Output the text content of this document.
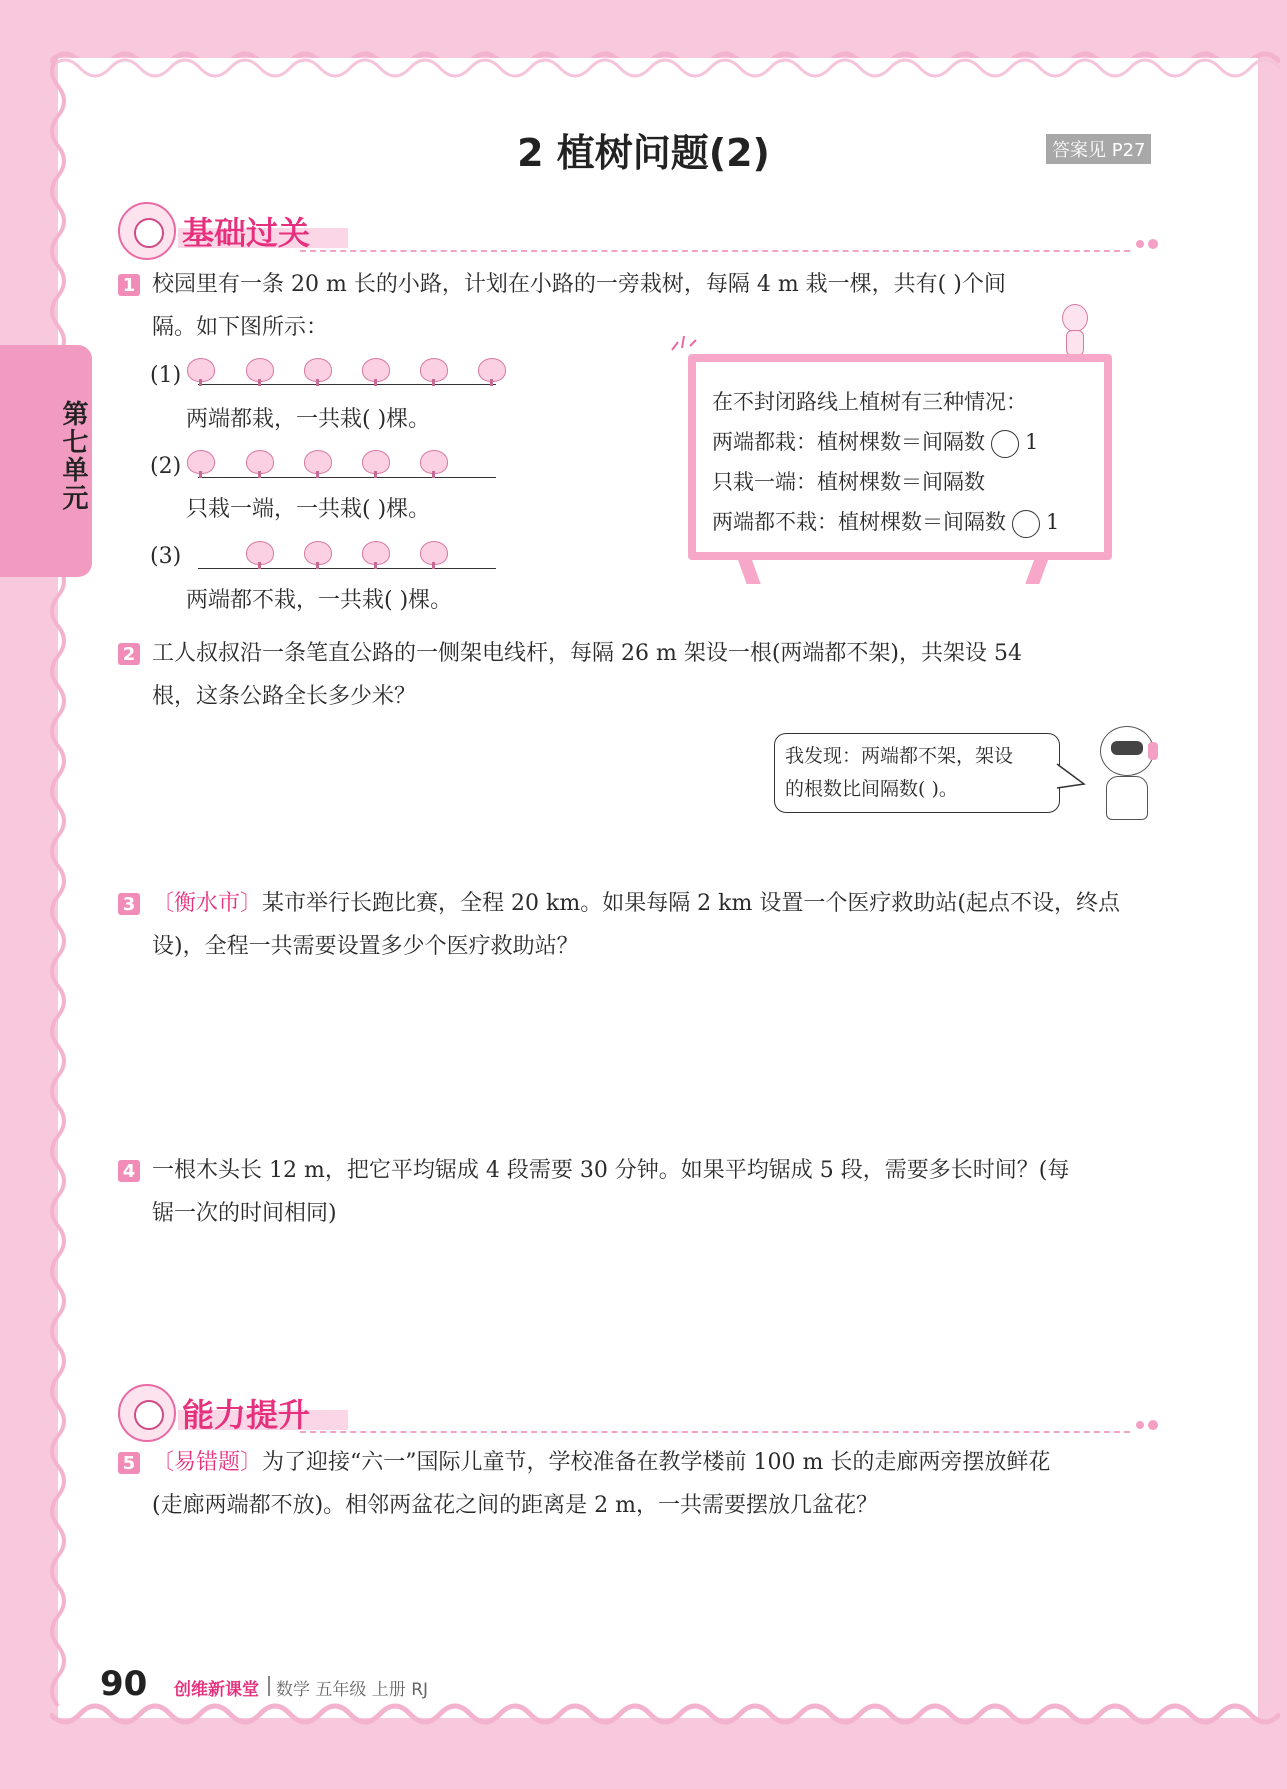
第七单元
2 植树问题(2)	答案见 P27
基础过关
1 校园里有一条 20 m 长的小路，计划在小路的一旁栽树，每隔 4 m 栽一棵，共有( )个间
隔。如下图所示：
(1)
两端都栽，一共栽( )棵。
(2)
只栽一端，一共栽( )棵。
(3)
两端都不栽，一共栽( )棵。
在不封闭路线上植树有三种情况：
两端都栽：植树棵数＝间隔数 1
只栽一端：植树棵数＝间隔数
两端都不栽：植树棵数＝间隔数 1
2 工人叔叔沿一条笔直公路的一侧架电线杆，每隔 26 m 架设一根(两端都不架)，共架设 54
根，这条公路全长多少米？
我发现：两端都不架，架设
的根数比间隔数( )。
3 〔衡水市〕某市举行长跑比赛，全程 20 km。如果每隔 2 km 设置一个医疗救助站(起点不设，终点
设)，全程一共需要设置多少个医疗救助站？
4 一根木头长 12 m，把它平均锯成 4 段需要 30 分钟。如果平均锯成 5 段，需要多长时间？(每
锯一次的时间相同)
能力提升
5 〔易错题〕为了迎接“六一”国际儿童节，学校准备在教学楼前 100 m 长的走廊两旁摆放鲜花
(走廊两端都不放)。相邻两盆花之间的距离是 2 m，一共需要摆放几盆花？
90 创维新课堂 数学 五年级 上册 RJ
